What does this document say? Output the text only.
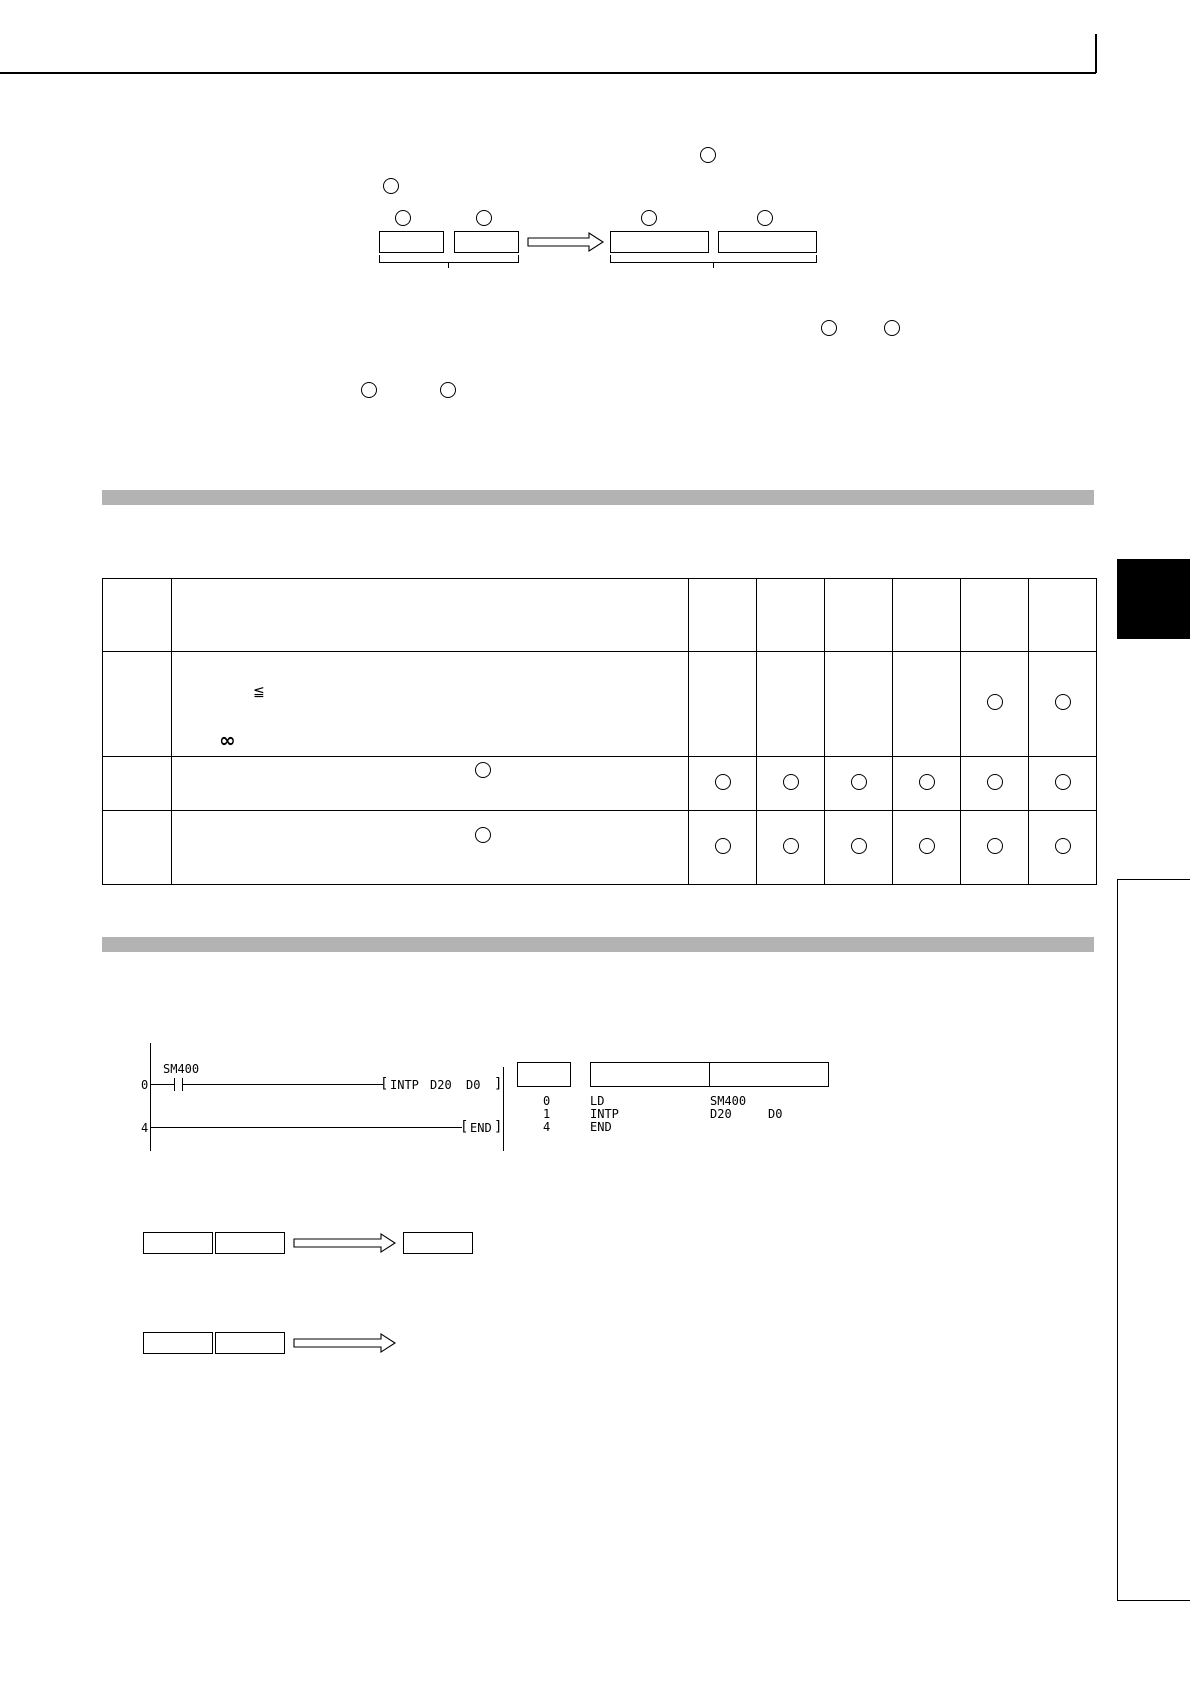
	≦
∞						

0
4
SM400
[ INTP D20 D0 ]
[ END ]
0	LD	SM400
1	INTP	D20	D0
4	END
